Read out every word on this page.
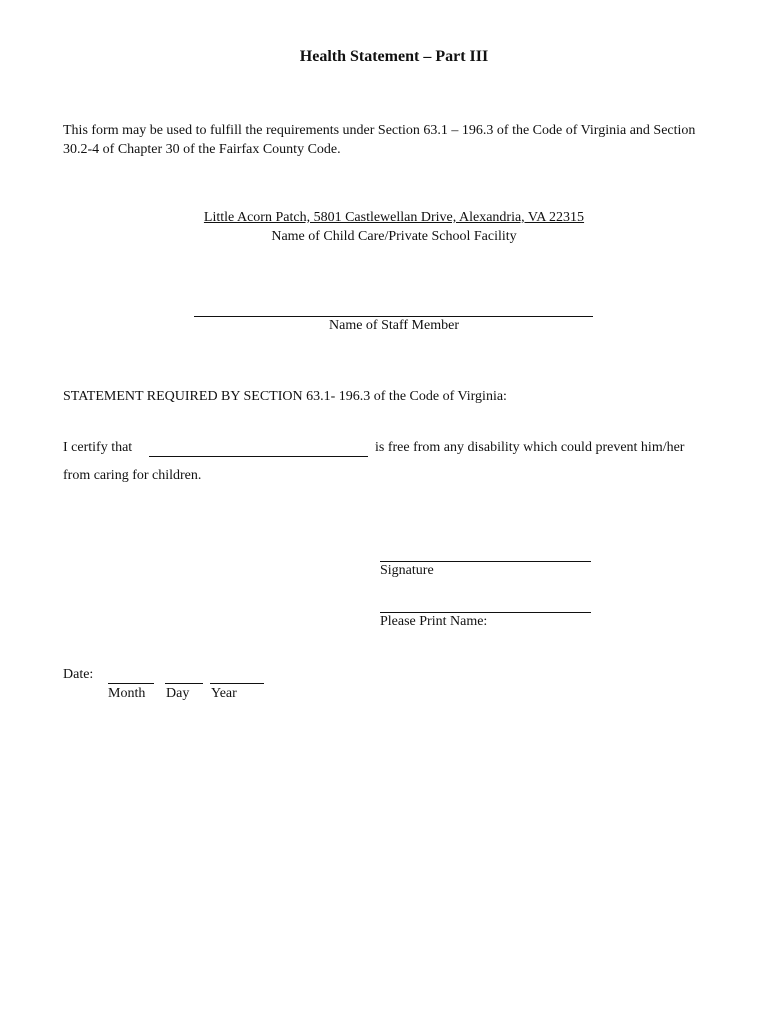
Health Statement – Part III
This form may be used to fulfill the requirements under Section 63.1 – 196.3 of the Code of Virginia and Section 30.2-4 of Chapter 30 of the Fairfax County Code.
Little Acorn Patch, 5801 Castlewellan Drive, Alexandria, VA 22315
Name of Child Care/Private School Facility
Name of Staff Member
STATEMENT REQUIRED BY SECTION 63.1- 196.3 of the Code of Virginia:
I certify that	is free from any disability which could prevent him/her
from caring for children.
Signature
Please Print Name:
Date:
Month Day Year
